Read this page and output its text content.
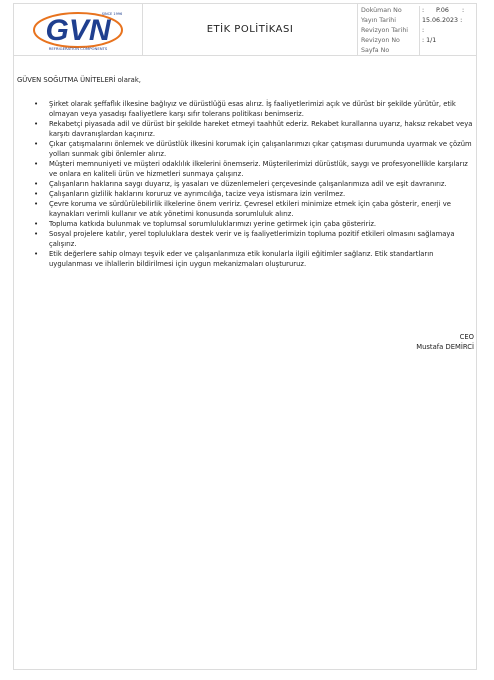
GVN
SINCE 1996
REFRIGERATION COMPONENTS
ETİK POLİTİKASI
Doküman No
Yayın Tarihi
Revizyon Tarihi
Revizyon No
Sayfa No
:	P.06	:
15.06.2023 :
:
: 1/1

GÜVEN SOĞUTMA ÜNİTELERİ olarak,

• Şirket olarak şeffaflık ilkesine bağlıyız ve dürüstlüğü esas alırız. İş faaliyetlerimizi açık ve dürüst bir şekilde yürütür, etik olmayan veya yasadışı faaliyetlere karşı sıfır tolerans politikası benimseriz.
• Rekabetçi piyasada adil ve dürüst bir şekilde hareket etmeyi taahhüt ederiz. Rekabet kurallarına uyarız, haksız rekabet veya karşıtı davranışlardan kaçınırız.
• Çıkar çatışmalarını önlemek ve dürüstlük ilkesini korumak için çalışanlarımızı çıkar çatışması durumunda uyarmak ve çözüm yolları sunmak gibi önlemler alırız.
• Müşteri memnuniyeti ve müşteri odaklılık ilkelerini önemseriz. Müşterilerimizi dürüstlük, saygı ve profesyonellikle karşılarız ve onlara en kaliteli ürün ve hizmetleri sunmaya çalışırız.
• Çalışanların haklarına saygı duyarız, iş yasaları ve düzenlemeleri çerçevesinde çalışanlarımıza adil ve eşit davranırız.
• Çalışanların gizlilik haklarını koruruz ve ayrımcılığa, tacize veya istismara izin verilmez.
• Çevre koruma ve sürdürülebilirlik ilkelerine önem veririz. Çevresel etkileri minimize etmek için çaba gösterir, enerji ve kaynakları verimli kullanır ve atık yönetimi konusunda sorumluluk alırız.
• Topluma katkıda bulunmak ve toplumsal sorumluluklarımızı yerine getirmek için çaba gösteririz.
• Sosyal projelere katılır, yerel topluluklara destek verir ve iş faaliyetlerimizin topluma pozitif etkileri olmasını sağlamaya çalışırız.
• Etik değerlere sahip olmayı teşvik eder ve çalışanlarımıza etik konularla ilgili eğitimler sağlarız. Etik standartların uygulanması ve ihlallerin bildirilmesi için uygun mekanizmaları oluştururuz.
CEO
Mustafa DEMİRCİ
